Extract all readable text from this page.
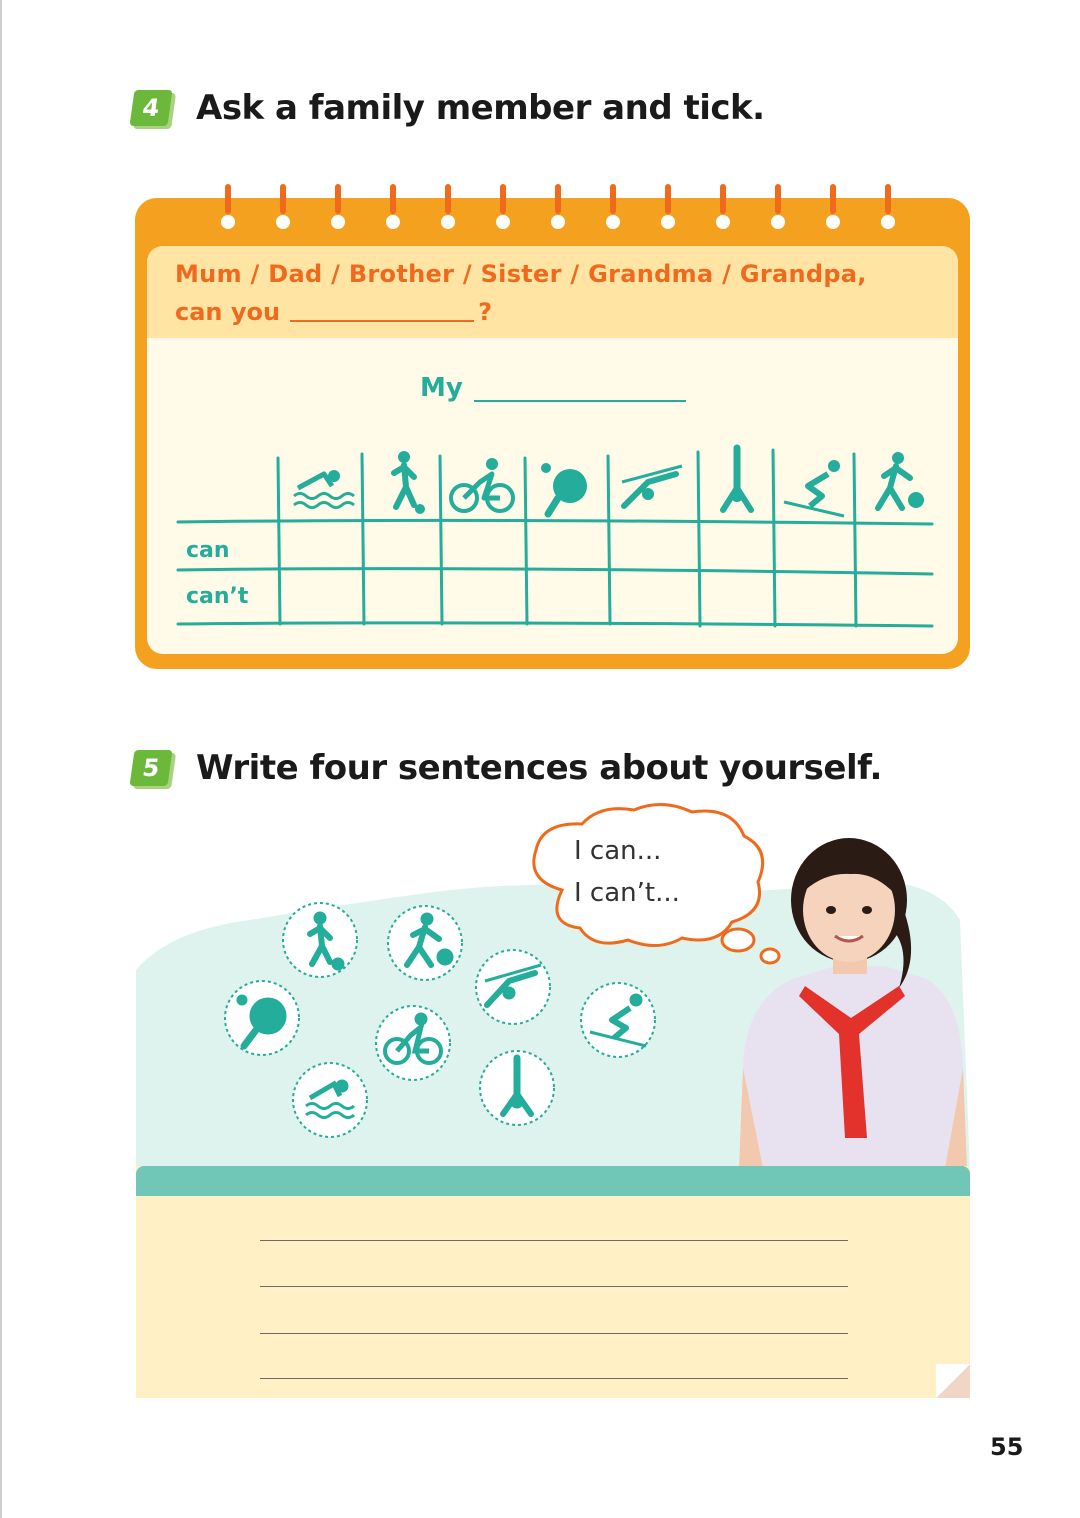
4	Ask a family member and tick.
Mum / Dad / Brother / Sister / Grandma / Grandpa,
can you	?
My
can
can’t
5	Write four sentences about yourself.
I can...
I can’t...
55
